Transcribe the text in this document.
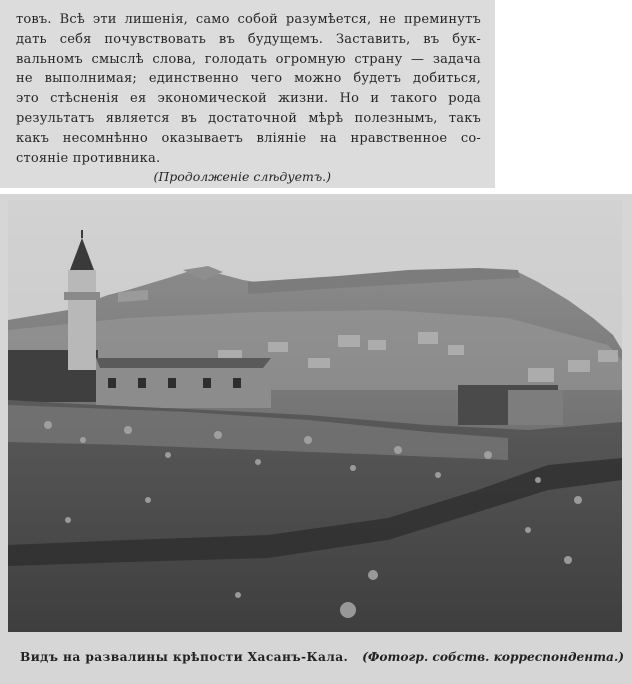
товъ. Всѣ эти лишенія, само собой разумѣется, не преминутъ
дать себя почувствовать въ будущемъ. Заставить, въ бук-
вальномъ смыслѣ слова, голодать огромную страну — задача
не выполнимая; единственно чего можно будетъ добиться,
это стѣсненія ея экономической жизни. Но и такого рода
результатъ является въ достаточной мѣрѣ полезнымъ, такъ
какъ несомнѣнно оказываетъ вліяніе на нравственное со-
стояніе противника.

(Продолженіе слѣдуетъ.)
Видъ на развалины крѣпости Хасанъ-Кала. (Фотогр. собств. корреспондента.)
